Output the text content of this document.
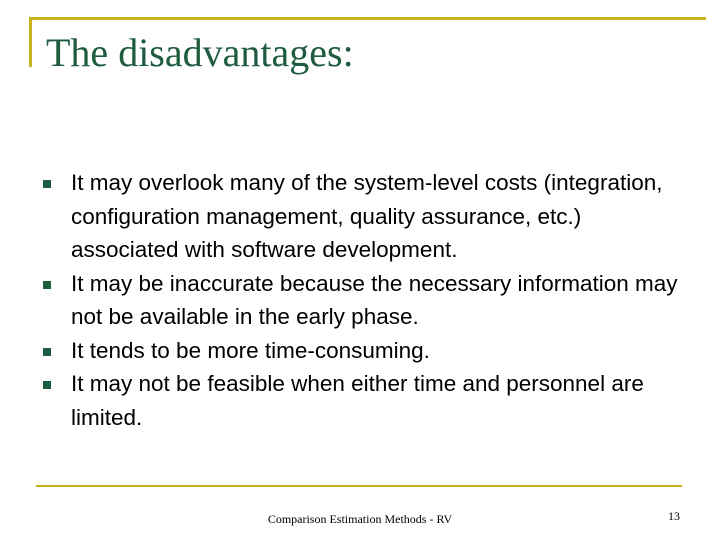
The disadvantages:
It may overlook many of the system-level costs (integration, configuration management, quality assurance, etc.) associated with software development.
It may be inaccurate because the necessary information may not be available in the early phase.
It tends to be more time-consuming.
It may not be feasible when either time and personnel are limited.
Comparison Estimation Methods - RV	13
